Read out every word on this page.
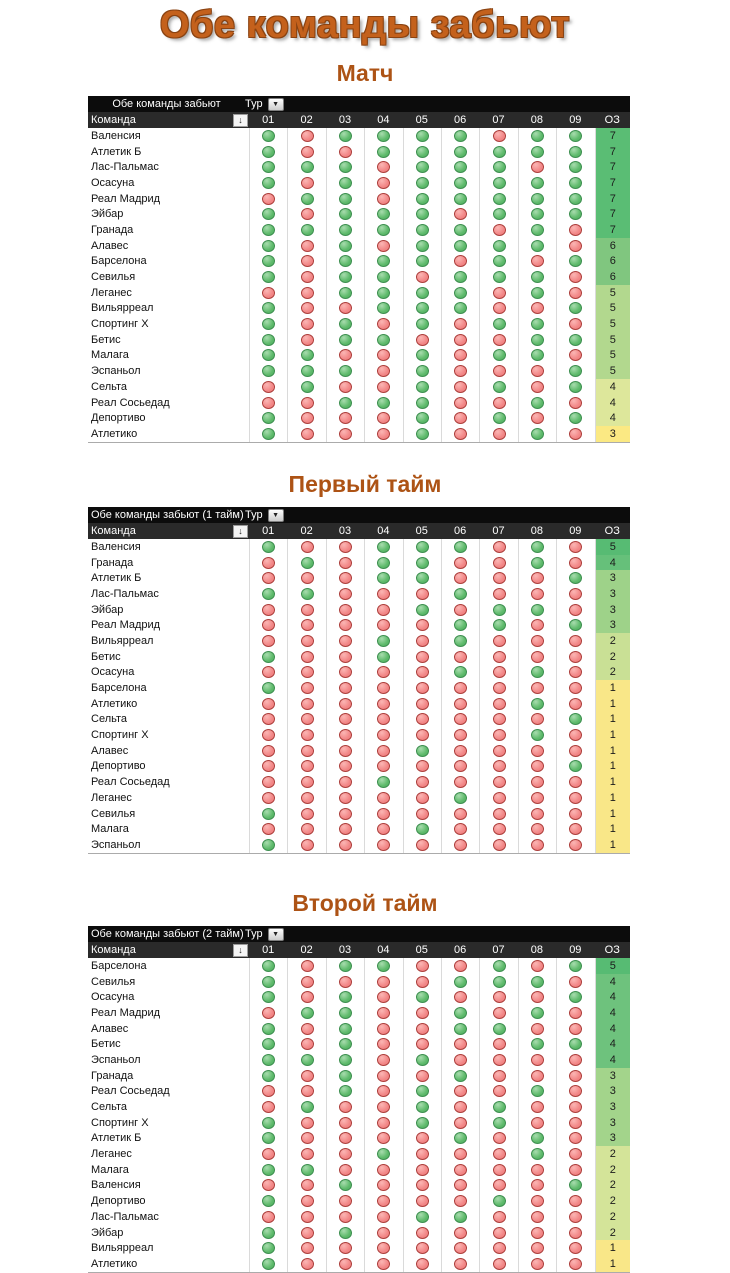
Обе команды забьют
Матч
Обе команды забьют	Тур	▼
Команда	↓	01	02	03	04	05	06	07	08	09	ОЗ
Валенсия	7
Атлетик Б	7
Лас-Пальмас	7
Осасуна	7
Реал Мадрид	7
Эйбар	7
Гранада	7
Алавес	6
Барселона	6
Севилья	6
Леганес	5
Вильярреал	5
Спортинг Х	5
Бетис	5
Малага	5
Эспаньол	5
Сельта	4
Реал Сосьедад	4
Депортиво	4
Атлетико	3
Первый тайм
Обе команды забьют (1 тайм) Тур	▼
Команда	↓	01	02	03	04	05	06	07	08	09	ОЗ
Валенсия	5
Гранада	4
Атлетик Б	3
Лас-Пальмас	3
Эйбар	3
Реал Мадрид	3
Вильярреал	2
Бетис	2
Осасуна	2
Барселона	1
Атлетико	1
Сельта	1
Спортинг Х	1
Алавес	1
Депортиво	1
Реал Сосьедад	1
Леганес	1
Севилья	1
Малага	1
Эспаньол	1
Второй тайм
Обе команды забьют (2 тайм) Тур	▼
Команда	↓	01	02	03	04	05	06	07	08	09	ОЗ
Барселона	5
Севилья	4
Осасуна	4
Реал Мадрид	4
Алавес	4
Бетис	4
Эспаньол	4
Гранада	3
Реал Сосьедад	3
Сельта	3
Спортинг Х	3
Атлетик Б	3
Леганес	2
Малага	2
Валенсия	2
Депортиво	2
Лас-Пальмас	2
Эйбар	2
Вильярреал	1
Атлетико	1
